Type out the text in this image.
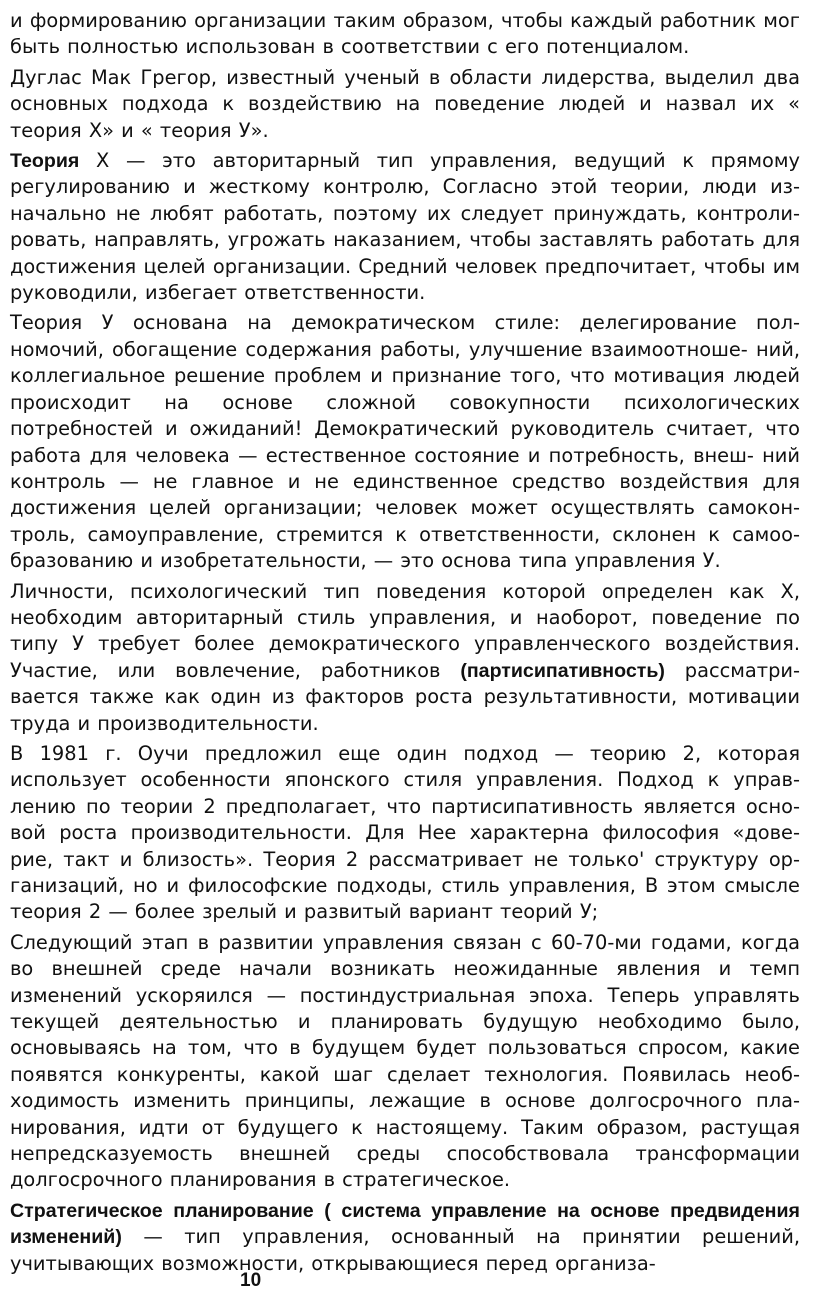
и формированию организации таким образом, чтобы каждый работник мог быть полностью использован в соответствии с его потенциалом.

Дуглас Мак Грегор, известный ученый в области лидерства, выделил два основных подхода к воздействию на поведение людей и назвал их « теория Х» и « теория У».

Теория Х — это авторитарный тип управления, ведущий к прямому регулированию и жесткому контролю, Согласно этой теории, люди изначально не любят работать, поэтому их следует принуждать, контролировать, направлять, угрожать наказанием, чтобы заставлять работать для достижения целей организации. Средний человек предпочитает, чтобы им руководили, избегает ответственности.

Теория У основана на демократическом стиле: делегирование полномочий, обогащение содержания работы, улучшение взаимоотноше- ний, коллегиальное решение проблем и признание того, что мотивация людей происходит на основе сложной совокупности психологических потребностей и ожиданий! Демократический руководитель считает, что работа для человека — естественное состояние и потребность, внеш- ний контроль — не главное и не единственное средство воздействия для достижения целей организации; человек может осуществлять самокон- троль, самоуправление, стремится к ответственности, склонен к самоо- бразованию и изобретательности, — это основа типа управления У.

Личности, психологический тип поведения которой определен как X, необходим авторитарный стиль управления, и наоборот, поведение по типу У требует более демократического управленческого воздействия. Участие, или вовлечение, работников (партисипативность) рассматри- вается также как один из факторов роста результативности, мотивации труда и производительности.

В 1981 г. Оучи предложил еще один подход — теорию 2, которая использует особенности японского стиля управления. Подход к управ- лению по теории 2 предполагает, что партисипативность является осно- вой роста производительности. Для Нее характерна философия «дове- рие, такт и близость». Теория 2 рассматривает не только' структуру ор- ганизаций, но и философские подходы, стиль управления, В этом смысле теория 2 — более зрелый и развитый вариант теорий У;

Следующий этап в развитии управления связан с 60-70-ми годами, когда во внешней среде начали возникать неожиданные явления и темп изменений ускоряился — постиндустриальная эпоха. Теперь управлять текущей деятельностью и планировать будущую необходимо было, основываясь на том, что в будущем будет пользоваться спросом, какие появятся конкуренты, какой шаг сделает технология. Появилась необ- ходимость изменить принципы, лежащие в основе долгосрочного пла- нирования, идти от будущего к настоящему. Таким образом, растущая непредсказуемость внешней среды способствовала трансформации долгосрочного планирования в стратегическое.

Стратегическое планирование ( система управление на основе предвидения изменений) — тип управления, основанный на принятии решений, учитывающих возможности, открывающиеся перед организа-

10
